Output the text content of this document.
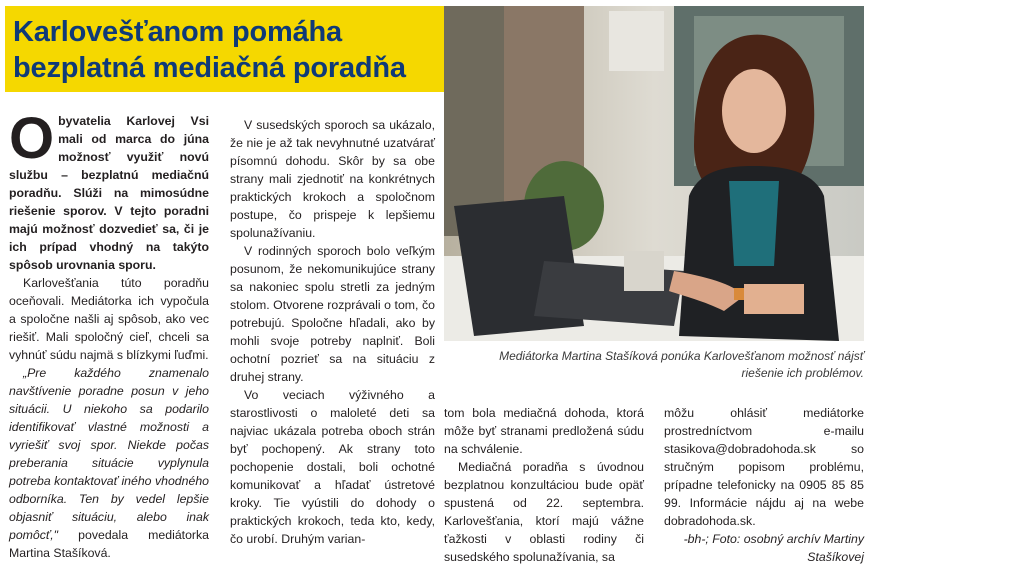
Karlovešťanom pomáha
bezplatná mediačná poradňa
Mediátorka Martina Stašíková ponúka Karlovešťanom možnosť nájsť riešenie ich problémov.

Obyvatelia Karlovej Vsi mali od marca do júna možnosť využiť novú službu – bezplatnú mediačnú poradňu. Slúži na mimosúdne riešenie sporov. V tejto poradni majú možnosť dozvedieť sa, či je ich prípad vhodný na takýto spôsob urovnania sporu.

Karlovešťania túto poradňu oceňovali. Mediátorka ich vypočula a spoločne našli aj spôsob, ako vec riešiť. Mali spoločný cieľ, chceli sa vyhnúť súdu najmä s blízkymi ľuďmi.

„Pre každého znamenalo navštívenie poradne posun v jeho situácii. U niekoho sa podarilo identifikovať vlastné možnosti a vyriešiť svoj spor. Niekde počas preberania situácie vyplynula potreba kontaktovať iného vhodného odborníka. Ten by vedel lepšie objasniť situáciu, alebo inak pomôcť," povedala mediátorka Martina Stašíková.

V susedských sporoch sa ukázalo, že nie je až tak nevyhnutné uzatvárať písomnú dohodu. Skôr by sa obe strany mali zjednotiť na konkrétnych praktických krokoch a spoločnom postupe, čo prispeje k lepšiemu spolunažívaniu.

V rodinných sporoch bolo veľkým posunom, že nekomunikujúce strany sa nakoniec spolu stretli za jedným stolom. Otvorene rozprávali o tom, čo potrebujú. Spoločne hľadali, ako by mohli svoje potreby naplniť. Boli ochotní pozrieť sa na situáciu z druhej strany.

Vo veciach výživného a starostlivosti o maloleté deti sa najviac ukázala potreba oboch strán byť pochopený. Ak strany toto pochopenie dostali, boli ochotné komunikovať a hľadať ústretové kroky. Tie vyústili do dohody o praktických krokoch, teda kto, kedy, čo urobí. Druhým varian-

tom bola mediačná dohoda, ktorá môže byť stranami predložená súdu na schválenie.

Mediačná poradňa s úvodnou bezplatnou konzultáciou bude opäť spustená od 22. septembra. Karlovešťania, ktorí majú vážne ťažkosti v oblasti rodiny či susedského spolunažívania, sa

môžu ohlásiť mediátorke prostredníctvom e-mailu stasikova@dobradohoda.sk so stručným popisom problému, prípadne telefonicky na 0905 85 85 99. Informácie nájdu aj na webe dobradohoda.sk.

-bh-; Foto: osobný archív Martiny Stašíkovej
